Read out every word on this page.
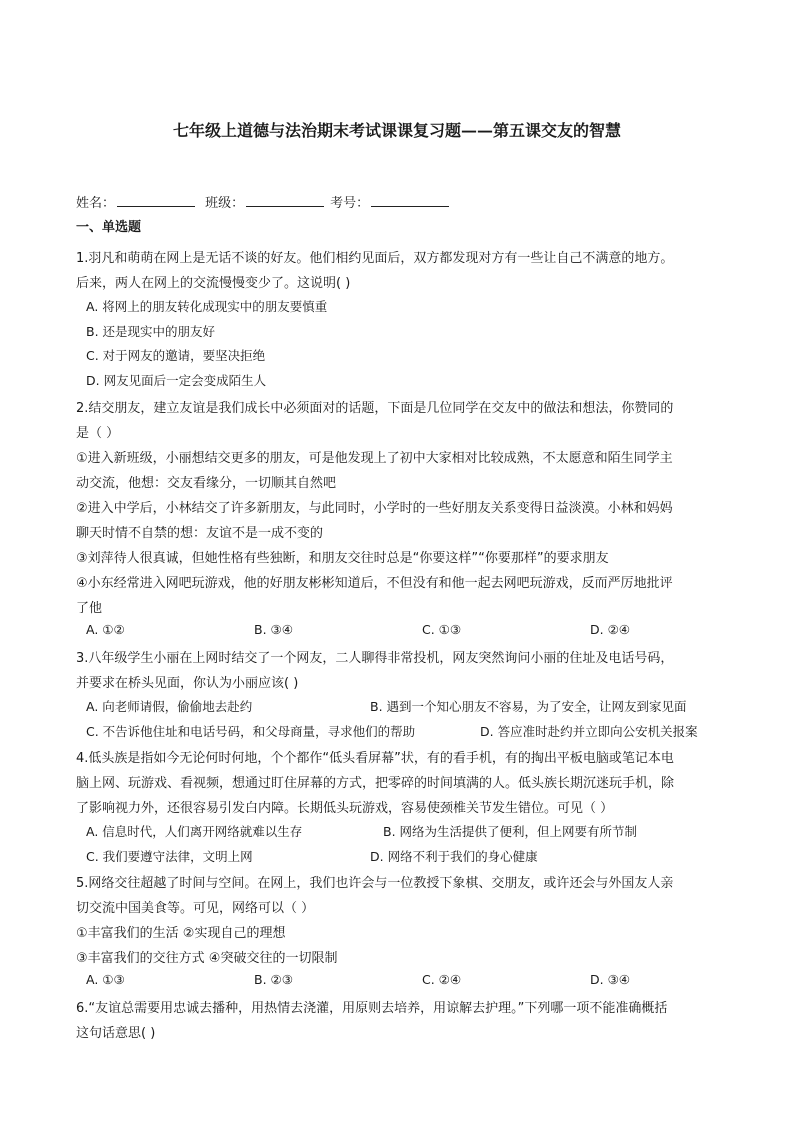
七年级上道德与法治期末考试课课复习题——第五课交友的智慧
姓名：	班级：	考号：
一、单选题
1.羽凡和萌萌在网上是无话不谈的好友。他们相约见面后，双方都发现对方有一些让自己不满意的地方。
后来，两人在网上的交流慢慢变少了。这说明( )
A. 将网上的朋友转化成现实中的朋友要慎重
B. 还是现实中的朋友好
C. 对于网友的邀请，要坚决拒绝
D. 网友见面后一定会变成陌生人
2.结交朋友，建立友谊是我们成长中必须面对的话题，下面是几位同学在交友中的做法和想法，你赞同的
是（ ）
①进入新班级，小丽想结交更多的朋友，可是他发现上了初中大家相对比较成熟，不太愿意和陌生同学主
动交流，他想：交友看缘分，一切顺其自然吧
②进入中学后，小林结交了许多新朋友，与此同时，小学时的一些好朋友关系变得日益淡漠。小林和妈妈
聊天时情不自禁的想：友谊不是一成不变的
③刘萍待人很真诚，但她性格有些独断，和朋友交往时总是“你要这样”“你要那样”的要求朋友
④小东经常进入网吧玩游戏，他的好朋友彬彬知道后，不但没有和他一起去网吧玩游戏，反而严厉地批评
了他
A. ①②	B. ③④	C. ①③	D. ②④
3.八年级学生小丽在上网时结交了一个网友，二人聊得非常投机，网友突然询问小丽的住址及电话号码，
并要求在桥头见面，你认为小丽应该( )
A. 向老师请假，偷偷地去赴约	B. 遇到一个知心朋友不容易，为了安全，让网友到家见面
C. 不告诉他住址和电话号码，和父母商量，寻求他们的帮助	D. 答应准时赴约并立即向公安机关报案
4.低头族是指如今无论何时何地，个个都作“低头看屏幕”状，有的看手机，有的掏出平板电脑或笔记本电
脑上网、玩游戏、看视频，想通过盯住屏幕的方式，把零碎的时间填满的人。低头族长期沉迷玩手机，除
了影响视力外，还很容易引发白内障。长期低头玩游戏，容易使颈椎关节发生错位。可见（ ）
A. 信息时代，人们离开网络就难以生存	B. 网络为生活提供了便利，但上网要有所节制
C. 我们要遵守法律，文明上网	D. 网络不利于我们的身心健康
5.网络交往超越了时间与空间。在网上，我们也许会与一位教授下象棋、交朋友，或许还会与外国友人亲
切交流中国美食等。可见，网络可以（ ）
①丰富我们的生活 ②实现自己的理想
③丰富我们的交往方式 ④突破交往的一切限制
A. ①③	B. ②③	C. ②④	D. ③④
6.“友谊总需要用忠诚去播种，用热情去浇灌，用原则去培养，用谅解去护理。”下列哪一项不能准确概括
这句话意思( )
